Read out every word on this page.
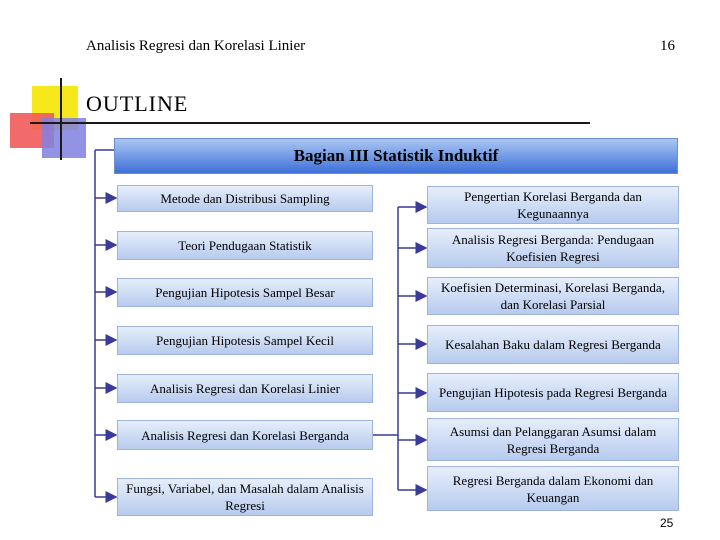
Analisis Regresi dan Korelasi Linier	16
OUTLINE
Bagian III Statistik Induktif
Metode dan Distribusi Sampling
Teori Pendugaan Statistik
Pengujian Hipotesis Sampel Besar
Pengujian Hipotesis Sampel Kecil
Analisis Regresi dan Korelasi Linier
Analisis Regresi dan Korelasi Berganda
Fungsi, Variabel, dan Masalah dalam Analisis Regresi
Pengertian Korelasi Berganda dan Kegunaannya
Analisis Regresi Berganda: Pendugaan Koefisien Regresi
Koefisien Determinasi, Korelasi Berganda, dan Korelasi Parsial
Kesalahan Baku dalam Regresi Berganda
Pengujian Hipotesis pada Regresi Berganda
Asumsi dan Pelanggaran Asumsi dalam Regresi Berganda
Regresi Berganda dalam Ekonomi dan Keuangan
25
